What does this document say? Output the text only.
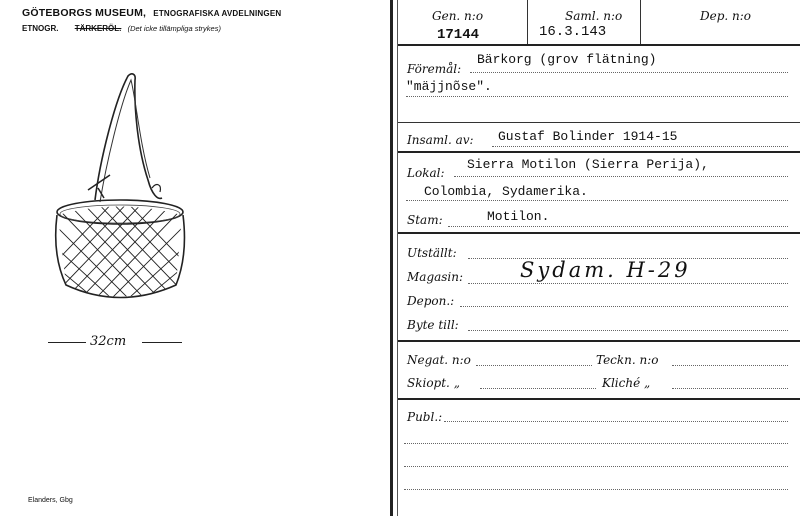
GÖTEBORGS MUSEUM, ETNOGRAFISKA AVDELNINGEN
ETNOGR. TÄRKERÖL. (Det icke tillämpliga strykes)
32cm
Elanders, Gbg
Gen. n:o
17144
Saml. n:o
16.3.143
Dep. n:o
Föremål:
Bärkorg (grov flätning)
"mäjjnõse".
Insaml. av: Gustaf Bolinder 1914-15
Lokal:
Sierra Motilon (Sierra Perija),
Colombia, Sydamerika.
Stam:	Motilon.
Utställt:
Magasin:	Sydam. H-29
Depon.:
Byte till:
Negat. n:o	Teckn. n:o
Skiopt. „	Kliché „
Publ.:
